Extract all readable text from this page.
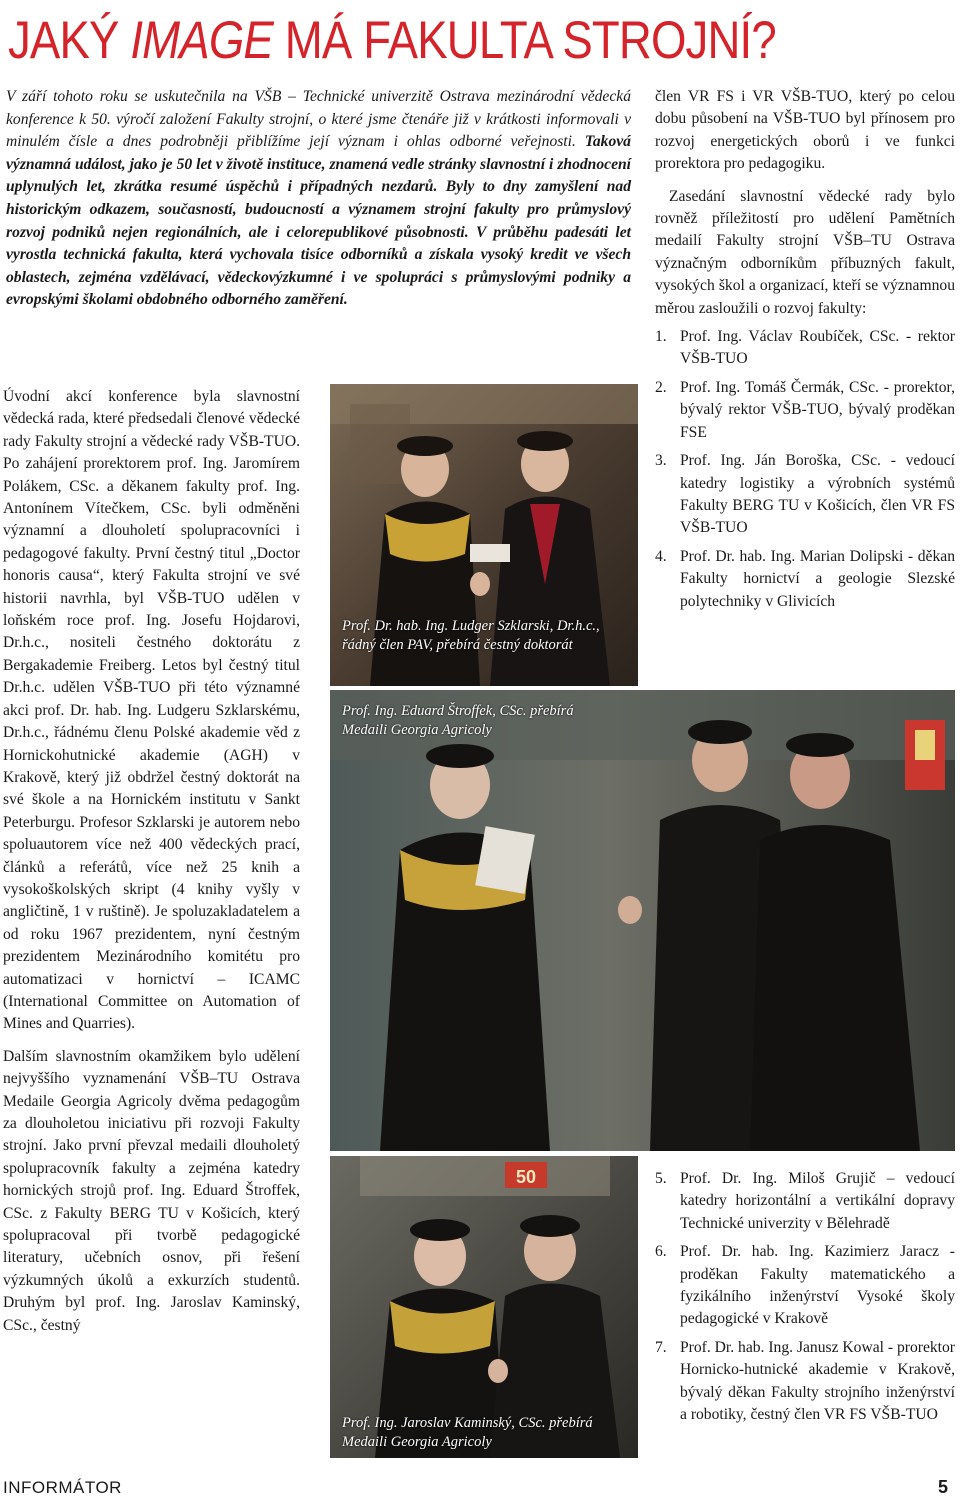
JAKÝ IMAGE MÁ FAKULTA STROJNÍ?
V září tohoto roku se uskutečnila na VŠB – Technické univerzitě Ostrava mezinárodní vědecká konference k 50. výročí založení Fakulty strojní, o které jsme čtenáře již v krátkosti informovali v minulém čísle a dnes podrobněji přiblížíme její význam i ohlas odborné veřejnosti. Taková významná událost, jako je 50 let v životě instituce, znamená vedle stránky slavnostní i zhodnocení uplynulých let, zkrátka resumé úspěchů i případných nezdarů. Byly to dny zamyšlení nad historickým odkazem, současností, budoucností a významem strojní fakulty pro průmyslový rozvoj podniků nejen regionálních, ale i celorepublikové působnosti. V průběhu padesáti let vyrostla technická fakulta, která vychovala tisíce odborníků a získala vysoký kredit ve všech oblastech, zejména vzdělávací, vědeckovýzkumné i ve spolupráci s průmyslovými podniky a evropskými školami obdobného odborného zaměření.

Úvodní akcí konference byla slavnostní vědecká rada, které předsedali členové vědecké rady Fakulty strojní a vědecké rady VŠB-TUO. Po zahájení prorektorem prof. Ing. Jaromírem Polákem, CSc. a děkanem fakulty prof. Ing. Antonínem Vítečkem, CSc. byli odměněni významní a dlouholetí spolupracovníci i pedagogové fakulty. První čestný titul „Doctor honoris causa“, který Fakulta strojní ve své historii navrhla, byl VŠB-TUO udělen v loňském roce prof. Ing. Josefu Hojdarovi, Dr.h.c., nositeli čestného doktorátu z Bergakademie Freiberg. Letos byl čestný titul Dr.h.c. udělen VŠB-TUO při této významné akci prof. Dr. hab. Ing. Ludgeru Szklarskému, Dr.h.c., řádnému členu Polské akademie věd z Hornickohutnické akademie (AGH) v Krakově, který již obdržel čestný doktorát na své škole a na Hornickém institutu v Sankt Peterburgu. Profesor Szklarski je autorem nebo spoluautorem více než 400 vědeckých prací, článků a referátů, více než 25 knih a vysokoškolských skript (4 knihy vyšly v angličtině, 1 v ruštině). Je spoluzakladatelem a od roku 1967 prezidentem, nyní čestným prezidentem Mezinárodního komitétu pro automatizaci v hornictví – ICAMC (International Committee on Automation of Mines and Quarries).

Dalším slavnostním okamžikem bylo udělení nejvyššího vyznamenání VŠB–TU Ostrava Medaile Georgia Agricoly dvěma pedagogům za dlouholetou iniciativu při rozvoji Fakulty strojní. Jako první převzal medaili dlouholetý spolupracovník fakulty a zejména katedry hornických strojů prof. Ing. Eduard Štroffek, CSc. z Fakulty BERG TU v Košicích, který spolupracoval při tvorbě pedagogické literatury, učebních osnov, při řešení výzkumných úkolů a exkurzích studentů. Druhým byl prof. Ing. Jaroslav Kaminský, CSc., čestný

Prof. Dr. hab. Ing. Ludger Szklarski, Dr.h.c., řádný člen PAV, přebírá čestný doktorát
Prof. Ing. Eduard Štroffek, CSc. přebírá Medaili Georgia Agricoly
50
Prof. Ing. Jaroslav Kaminský, CSc. přebírá Medaili Georgia Agricoly

člen VR FS i VR VŠB-TUO, který po celou dobu působení na VŠB-TUO byl přínosem pro rozvoj energetických oborů i ve funkci prorektora pro pedagogiku.

Zasedání slavnostní vědecké rady bylo rovněž příležitostí pro udělení Pamětních medailí Fakulty strojní VŠB–TU Ostrava význačným odborníkům příbuzných fakult, vysokých škol a organizací, kteří se významnou měrou zasloužili o rozvoj fakulty:

1. Prof. Ing. Václav Roubíček, CSc. - rektor VŠB-TUO
2. Prof. Ing. Tomáš Čermák, CSc. - prorektor, bývalý rektor VŠB-TUO, bývalý proděkan FSE
3. Prof. Ing. Ján Boroška, CSc. - vedoucí katedry logistiky a výrobních systémů Fakulty BERG TU v Košicích, člen VR FS VŠB-TUO
4. Prof. Dr. hab. Ing. Marian Dolipski - děkan Fakulty hornictví a geologie Slezské polytechniky v Glivicích
5. Prof. Dr. Ing. Miloš Grujič – vedoucí katedry horizontální a vertikální dopravy Technické univerzity v Bělehradě
6. Prof. Dr. hab. Ing. Kazimierz Jaracz - proděkan Fakulty matematického a fyzikálního inženýrství Vysoké školy pedagogické v Krakově
7. Prof. Dr. hab. Ing. Janusz Kowal - prorektor Hornicko-hutnické akademie v Krakově, bývalý děkan Fakulty strojního inženýrství a robotiky, čestný člen VR FS VŠB-TUO
INFORMÁTOR	5
